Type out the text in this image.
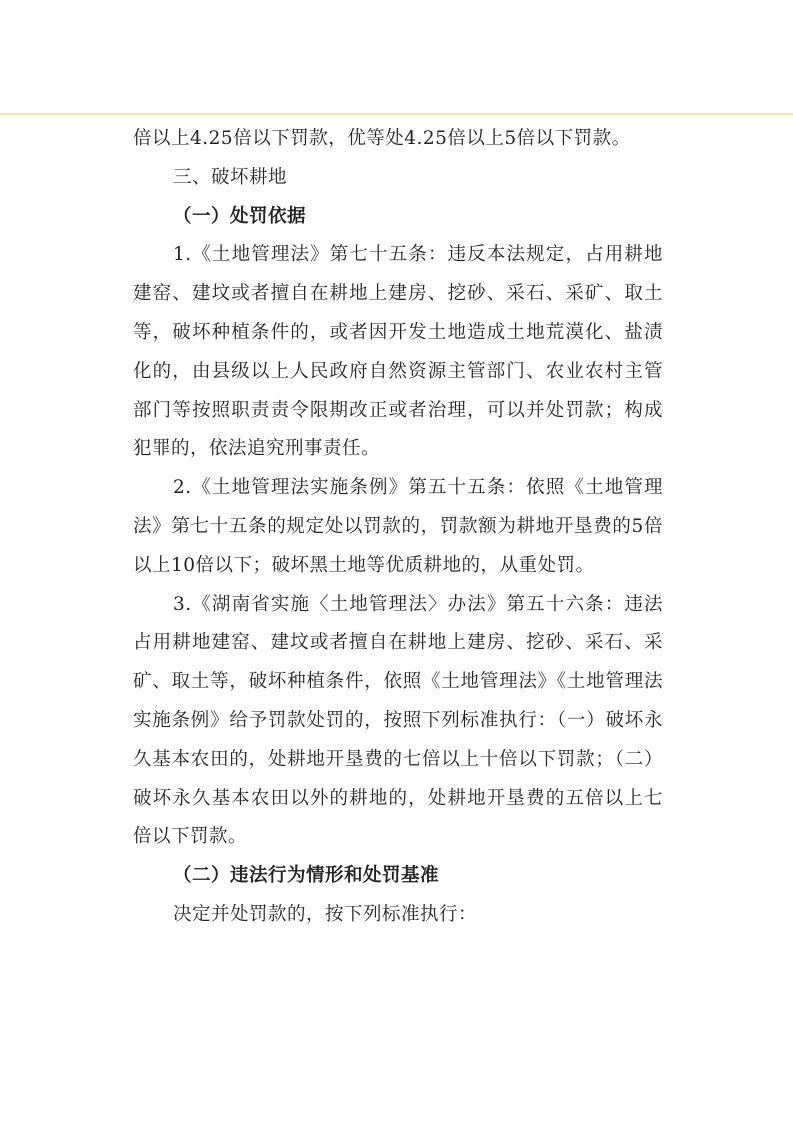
倍以上4.25倍以下罚款，优等处4.25倍以上5倍以下罚款。

三、破坏耕地

（一）处罚依据

1.《土地管理法》第七十五条：违反本法规定，占用耕地建窑、建坟或者擅自在耕地上建房、挖砂、采石、采矿、取土等，破坏种植条件的，或者因开发土地造成土地荒漠化、盐渍化的，由县级以上人民政府自然资源主管部门、农业农村主管部门等按照职责责令限期改正或者治理，可以并处罚款；构成犯罪的，依法追究刑事责任。

2.《土地管理法实施条例》第五十五条：依照《土地管理法》第七十五条的规定处以罚款的，罚款额为耕地开垦费的5倍以上10倍以下；破坏黑土地等优质耕地的，从重处罚。

3.《湖南省实施〈土地管理法〉办法》第五十六条：违法占用耕地建窑、建坟或者擅自在耕地上建房、挖砂、采石、采矿、取土等，破坏种植条件，依照《土地管理法》《土地管理法实施条例》给予罚款处罚的，按照下列标准执行：（一）破坏永久基本农田的，处耕地开垦费的七倍以上十倍以下罚款；（二）破坏永久基本农田以外的耕地的，处耕地开垦费的五倍以上七倍以下罚款。

（二）违法行为情形和处罚基准

决定并处罚款的，按下列标准执行：
